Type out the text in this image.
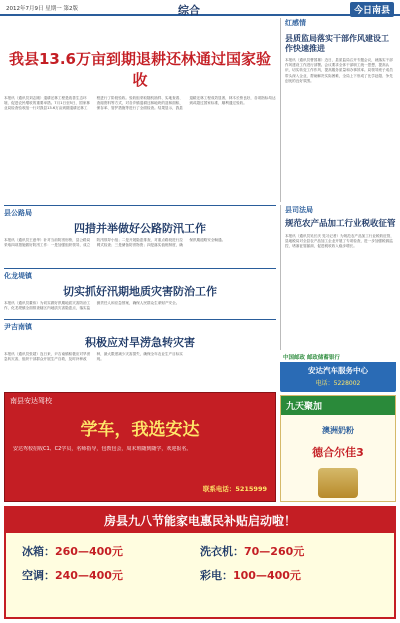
2012年7月9日 星期一 第2版	综合	今日南县
我县13.6万亩到期退耕还林通过国家验收
本报讯（通讯员刘志刚）退耕还林工程是改善生态环境、促进农民增收的重要举措。7月1日至5日，国家林业局检查验收组一行对我县13.6万亩到期退耕还林工程进行了阶段验收。验收组采取随机抽样、实地查看、查阅资料等方式，对各乡镇退耕还林地块的造林面积、保存率、管护措施等进行了全面检查。结果显示，我县退耕还林工程成效显著，林木长势良好，各项指标均达到或超过国家标准，顺利通过验收。
红感情
县质监局落实干部作风建设工作快速推进
本报讯（通讯员曹国雄）近日，县质监局召开专题会议，就落实干部作风建设工作进行部署。会议要求全体干部职工统一思想，提高认识，切实转变工作作风，提高服务质量和办事效率。局领导班子成员带头深入企业，帮助解决实际困难，全局上下形成了比学赶超、争先创优的良好氛围。
县公路局
四措并举做好公路防汛工作
本报讯（通讯员王意华）针对当前防汛形势，县公路局采取四项措施做好防汛工作：一是加强组织领导，成立防汛领导小组；二是开展隐患排查，对重点路段进行拉网式检查；三是储备防汛物资；四是落实值班制度，确保汛期道路安全畅通。
县司法局
规范农产品加工行业税收征管
本报讯（通讯员吴长庆 见习记者）为规范农产品加工行业税收征管，县地税局对全县农产品加工企业开展了专项检查，进一步加强税源监控，堵塞征管漏洞，促进税收收入稳步增长。
化龙堤镇
切实抓好汛期地质灾害防治工作
本报讯（通讯员董伟）为切实做好汛期地质灾害防治工作，化龙堤镇全面排查辖区内地质灾害隐患点，落实监测责任人和应急预案，确保人民群众生命财产安全。
尹吉南镇
积极应对旱涝急转灾害
本报讯（通讯员张超）连日来，尹吉南镇积极应对旱涝急转灾害，组织干部群众开展生产自救，及时补种改种，最大限度减少灾害损失，确保全年农业生产目标实现。	中国邮政 邮政储蓄银行
安达汽车服务中心
电话：5228002
南县安达驾校
学车，我选安达
安达驾校招收C1、C2学员，名师指导，包教包会，周末班随到随学，欢迎报名。
联系电话：5215999
九天聚加
澳洲奶粉
德合尔佳3
房县九八节能家电惠民补贴启动啦！
冰箱：260—400元	洗衣机：70—260元
空调：240—400元	彩电：100—400元
